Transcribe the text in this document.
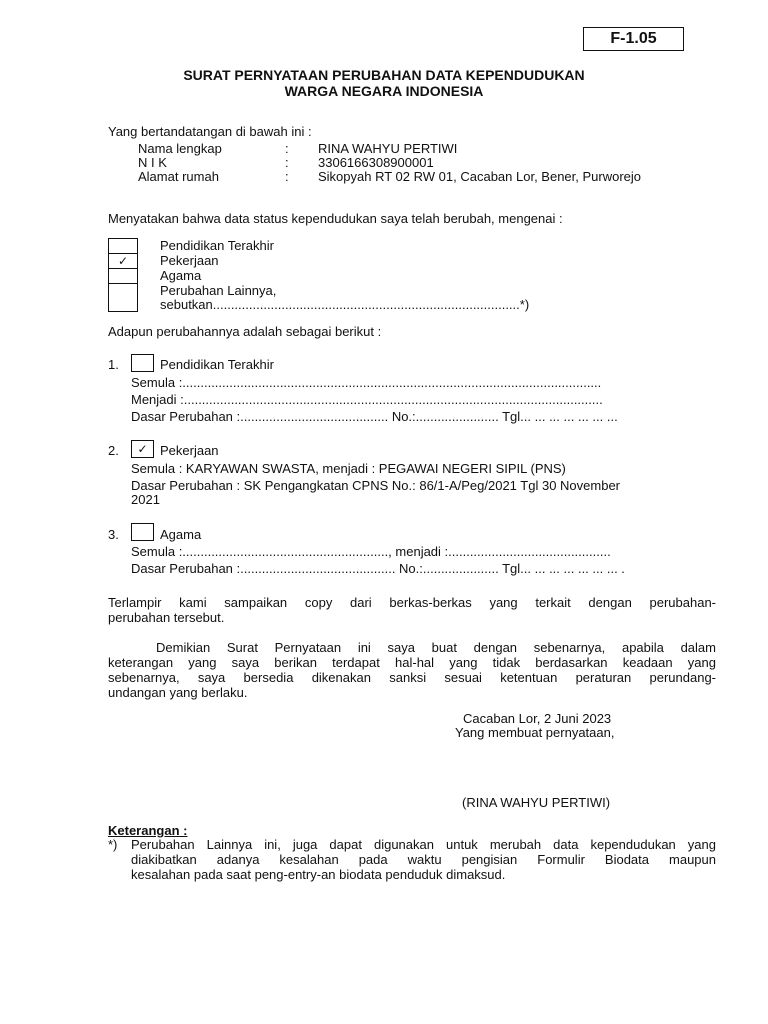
F-1.05
SURAT PERNYATAAN PERUBAHAN DATA KEPENDUDUKAN
WARGA NEGARA INDONESIA
Yang bertandatangan di bawah ini :
Nama lengkap	: RINA WAHYU PERTIWI
N I K	: 3306166308900001
Alamat rumah	: Sikopyah RT 02 RW 01, Cacaban Lor, Bener, Purworejo
Menyatakan bahwa data status kependudukan saya telah berubah, mengenai :
✓
Pendidikan Terakhir
Pekerjaan
Agama
Perubahan Lainnya,
sebutkan.....................................................................................*)
Adapun perubahannya adalah sebagai berikut :
1.	Pendidikan Terakhir
Semula :....................................................................................................................
Menjadi :....................................................................................................................
Dasar Perubahan :......................................... No.:....................... Tgl... ... ... ... ... ... ...
2.	✓ Pekerjaan
Semula : KARYAWAN SWASTA, menjadi : PEGAWAI NEGERI SIPIL (PNS)
Dasar Perubahan : SK Pengangkatan CPNS No.: 86/1-A/Peg/2021 Tgl 30 November
2021
3.	Agama
Semula :........................................................., menjadi :.............................................
Dasar Perubahan :........................................... No.:..................... Tgl... ... ... ... ... ... ... .
Terlampir kami sampaikan copy dari berkas-berkas yang terkait dengan perubahan-
perubahan tersebut.
Demikian Surat Pernyataan ini saya buat dengan sebenarnya, apabila dalam
keterangan yang saya berikan terdapat hal-hal yang tidak berdasarkan keadaan yang
sebenarnya, saya bersedia dikenakan sanksi sesuai ketentuan peraturan perundang-
undangan yang berlaku.
Cacaban Lor, 2 Juni 2023
Yang membuat pernyataan,
(RINA WAHYU PERTIWI)
Keterangan :
*) Perubahan Lainnya ini, juga dapat digunakan untuk merubah data kependudukan yang
diakibatkan adanya kesalahan pada waktu pengisian Formulir Biodata maupun
kesalahan pada saat peng-entry-an biodata penduduk dimaksud.
